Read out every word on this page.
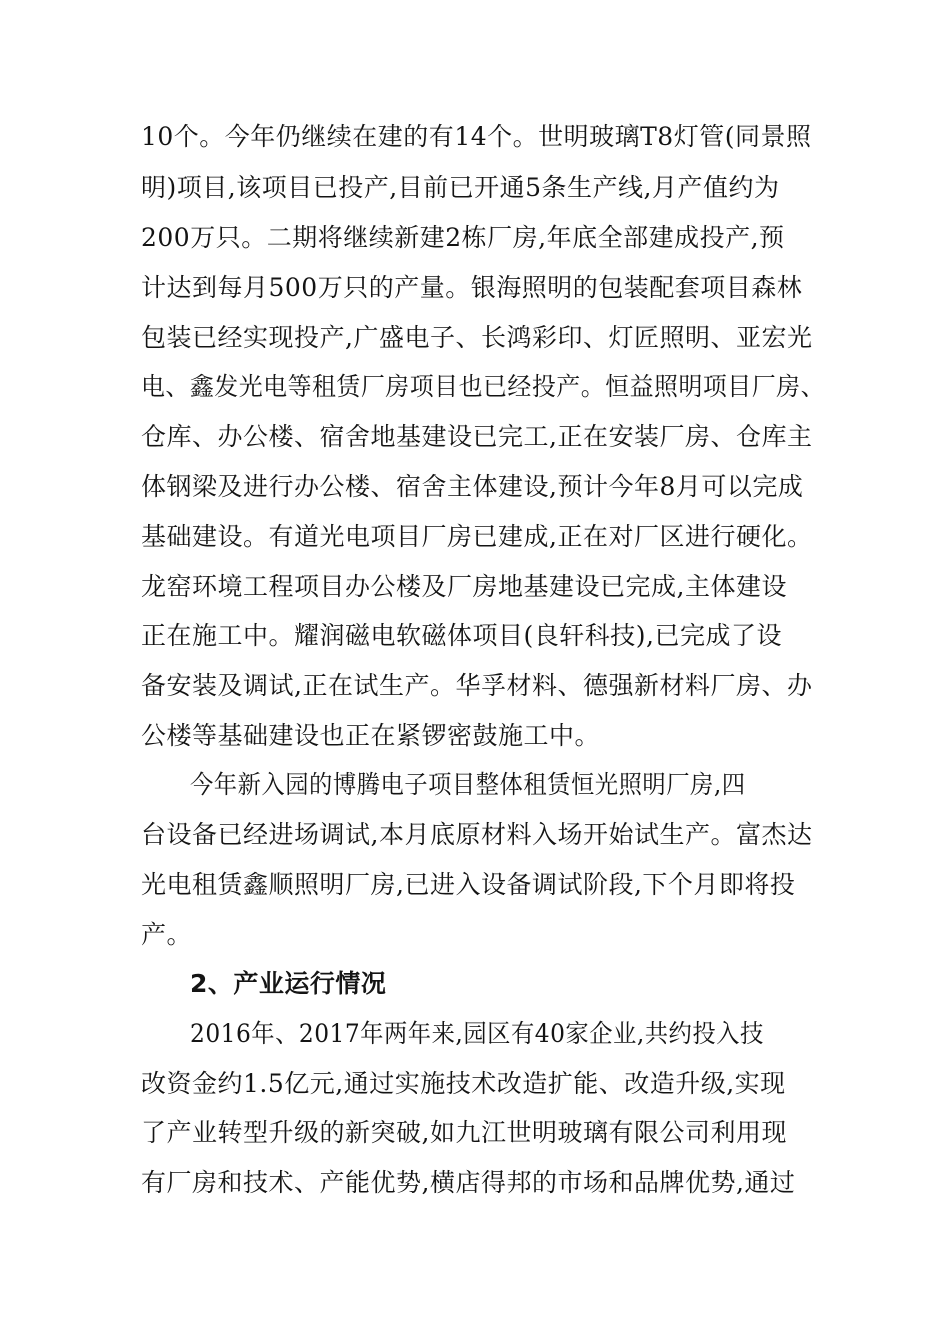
10个。今年仍继续在建的有14个。世明玻璃T8灯管(同景照
明)项目,该项目已投产,目前已开通5条生产线,月产值约为
200万只。二期将继续新建2栋厂房,年底全部建成投产,预
计达到每月500万只的产量。银海照明的包装配套项目森林
包装已经实现投产,广盛电子、长鸿彩印、灯匠照明、亚宏光
电、鑫发光电等租赁厂房项目也已经投产。恒益照明项目厂房、
仓库、办公楼、宿舍地基建设已完工,正在安装厂房、仓库主
体钢梁及进行办公楼、宿舍主体建设,预计今年8月可以完成
基础建设。有道光电项目厂房已建成,正在对厂区进行硬化。
龙窑环境工程项目办公楼及厂房地基建设已完成,主体建设
正在施工中。耀润磁电软磁体项目(良轩科技),已完成了设
备安装及调试,正在试生产。华孚材料、德强新材料厂房、办
公楼等基础建设也正在紧锣密鼓施工中。
今年新入园的博腾电子项目整体租赁恒光照明厂房,四
台设备已经进场调试,本月底原材料入场开始试生产。富杰达
光电租赁鑫顺照明厂房,已进入设备调试阶段,下个月即将投
产。
2、产业运行情况
2016年、2017年两年来,园区有40家企业,共约投入技
改资金约1.5亿元,通过实施技术改造扩能、改造升级,实现
了产业转型升级的新突破,如九江世明玻璃有限公司利用现
有厂房和技术、产能优势,横店得邦的市场和品牌优势,通过
